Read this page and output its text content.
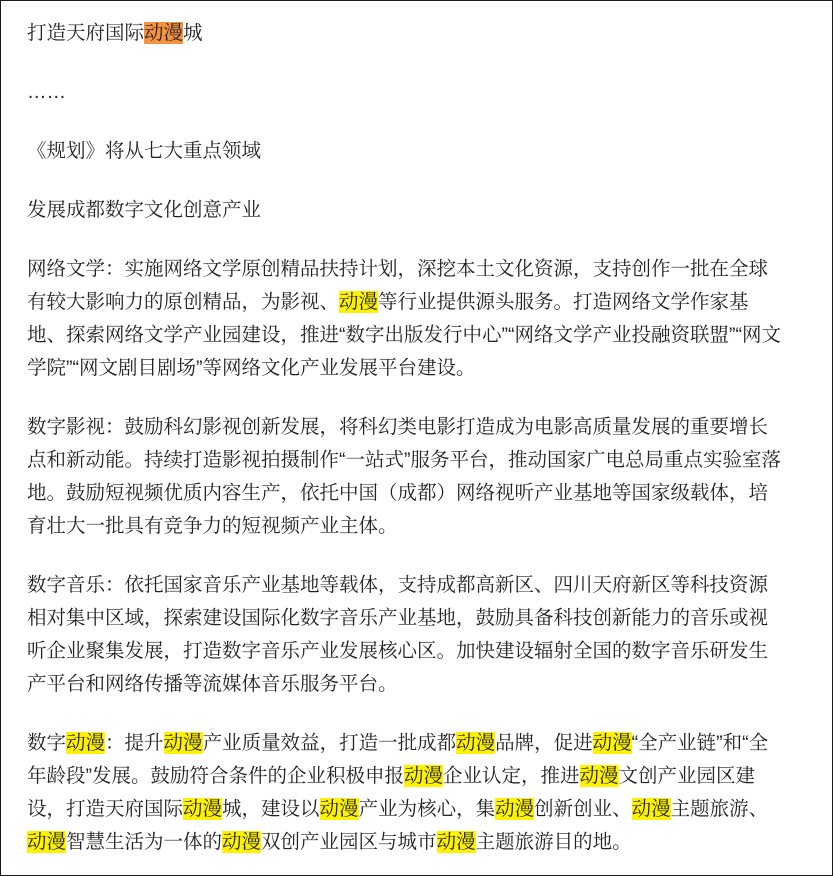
打造天府国际动漫城
……
《规划》将从七大重点领域
发展成都数字文化创意产业
网络文学：实施网络文学原创精品扶持计划，深挖本土文化资源，支持创作一批在全球
有较大影响力的原创精品，为影视、动漫等行业提供源头服务。打造网络文学作家基
地、探索网络文学产业园建设，推进“数字出版发行中心”“网络文学产业投融资联盟”“网文
学院”“网文剧目剧场”等网络文化产业发展平台建设。
数字影视：鼓励科幻影视创新发展，将科幻类电影打造成为电影高质量发展的重要增长
点和新动能。持续打造影视拍摄制作“一站式”服务平台，推动国家广电总局重点实验室落
地。鼓励短视频优质内容生产，依托中国（成都）网络视听产业基地等国家级载体，培
育壮大一批具有竞争力的短视频产业主体。
数字音乐：依托国家音乐产业基地等载体，支持成都高新区、四川天府新区等科技资源
相对集中区域，探索建设国际化数字音乐产业基地，鼓励具备科技创新能力的音乐或视
听企业聚集发展，打造数字音乐产业发展核心区。加快建设辐射全国的数字音乐研发生
产平台和网络传播等流媒体音乐服务平台。
数字动漫：提升动漫产业质量效益，打造一批成都动漫品牌，促进动漫“全产业链”和“全
年龄段”发展。鼓励符合条件的企业积极申报动漫企业认定，推进动漫文创产业园区建
设，打造天府国际动漫城，建设以动漫产业为核心，集动漫创新创业、动漫主题旅游、
动漫智慧生活为一体的动漫双创产业园区与城市动漫主题旅游目的地。
